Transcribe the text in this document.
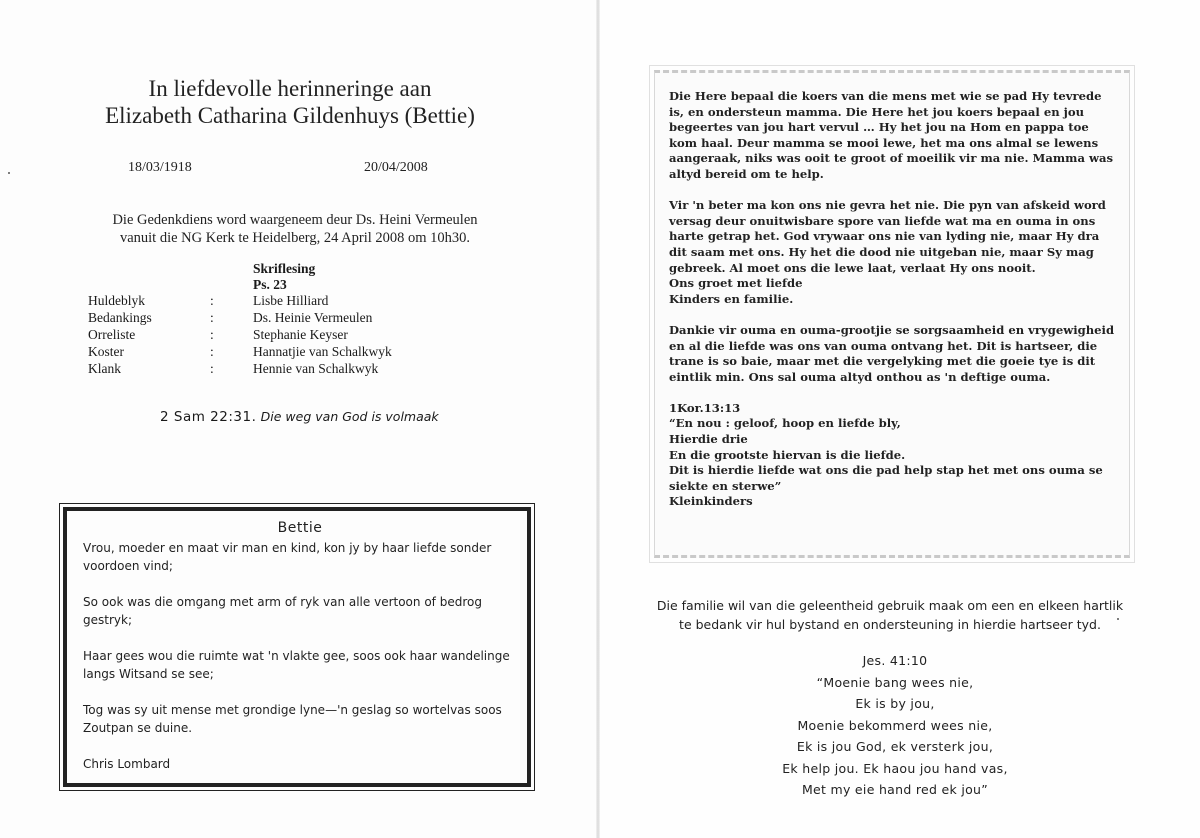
In liefdevolle herinneringe aan
Elizabeth Catharina Gildenhuys (Bettie)
18/03/1918	20/04/2008
Die Gedenkdiens word waargeneem deur Ds. Heini Vermeulen
vanuit die NG Kerk te Heidelberg, 24 April 2008 om 10h30.
Skriflesing
Ps. 23
Huldeblyk	:	Lisbe Hilliard
Bedankings	:	Ds. Heinie Vermeulen
Orreliste	:	Stephanie Keyser
Koster	:	Hannatjie van Schalkwyk
Klank	:	Hennie van Schalkwyk
2 Sam 22:31. Die weg van God is volmaak
Bettie
Vrou, moeder en maat vir man en kind, kon jy by haar liefde sonder
voordoen vind;
So ook was die omgang met arm of ryk van alle vertoon of bedrog
gestryk;
Haar gees wou die ruimte wat 'n vlakte gee, soos ook haar wandelinge
langs Witsand se see;
Tog was sy uit mense met grondige lyne—'n geslag so wortelvas soos
Zoutpan se duine.
Chris Lombard

Die Here bepaal die koers van die mens met wie se pad Hy tevrede is, en ondersteun mamma. Die Here het jou koers bepaal en jou begeertes van jou hart vervul … Hy het jou na Hom en pappa toe kom haal. Deur mamma se mooi lewe, het ma ons almal se lewens aangeraak, niks was ooit te groot of moeilik vir ma nie. Mamma was altyd bereid om te help.

Vir 'n beter ma kon ons nie gevra het nie. Die pyn van afskeid word versag deur onuitwisbare spore van liefde wat ma en ouma in ons harte getrap het. God vrywaar ons nie van lyding nie, maar Hy dra dit saam met ons. Hy het die dood nie uitgeban nie, maar Sy mag gebreek. Al moet ons die lewe laat, verlaat Hy ons nooit.
Ons groet met liefde
Kinders en familie.

Dankie vir ouma en ouma-grootjie se sorgsaamheid en vrygewigheid en al die liefde was ons van ouma ontvang het. Dit is hartseer, die trane is so baie, maar met die vergelyking met die goeie tye is dit eintlik min. Ons sal ouma altyd onthou as 'n deftige ouma.

1Kor.13:13
“En nou : geloof, hoop en liefde bly,
Hierdie drie
En die grootste hiervan is die liefde.
Dit is hierdie liefde wat ons die pad help stap het met ons ouma se siekte en sterwe”
Kleinkinders
Die familie wil van die geleentheid gebruik maak om een en elkeen hartlik
te bedank vir hul bystand en ondersteuning in hierdie hartseer tyd.
Jes. 41:10
“Moenie bang wees nie,
Ek is by jou,
Moenie bekommerd wees nie,
Ek is jou God, ek versterk jou,
Ek help jou. Ek haou jou hand vas,
Met my eie hand red ek jou”
